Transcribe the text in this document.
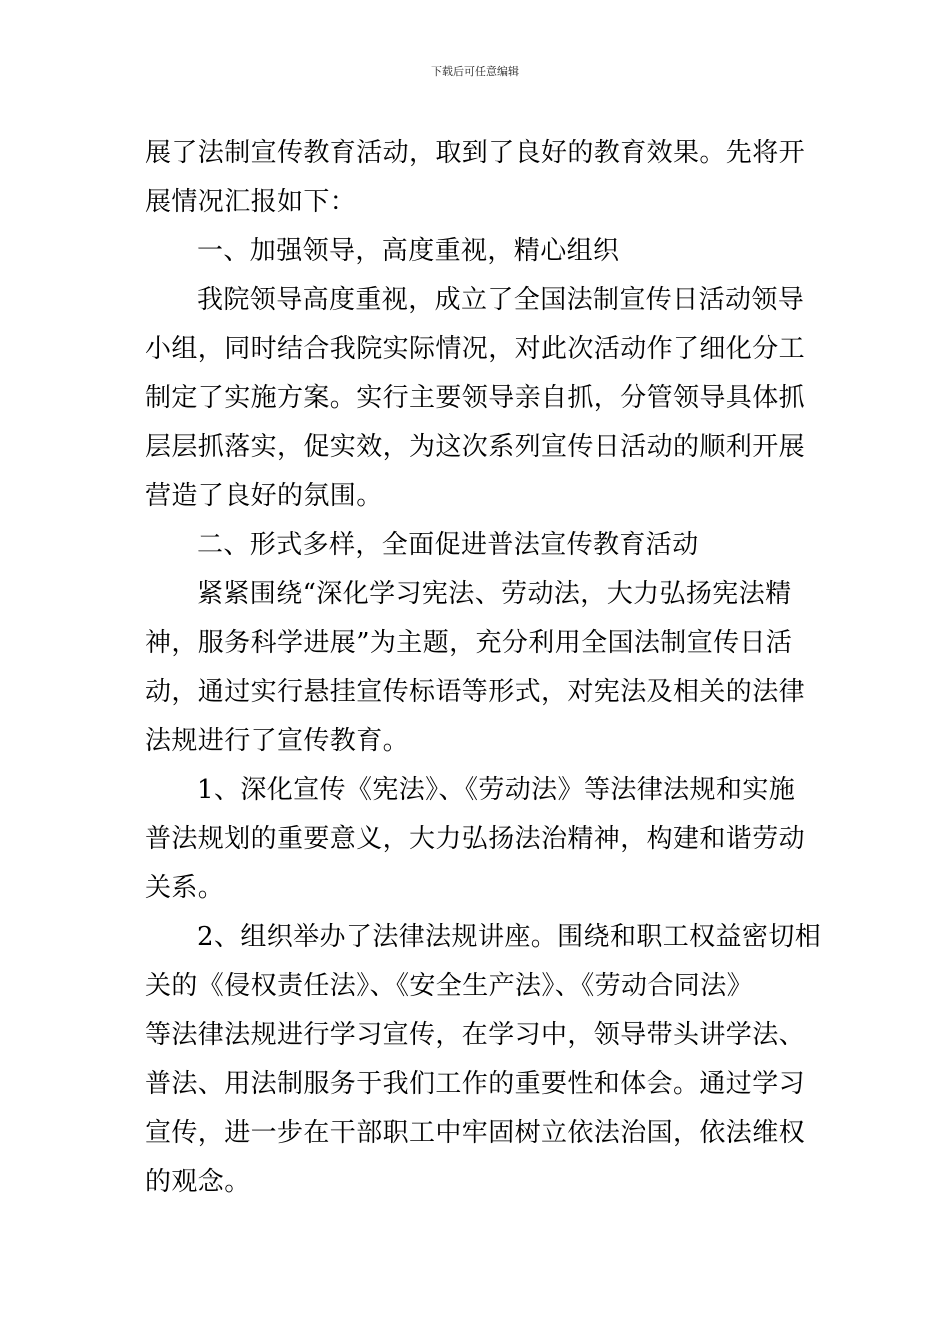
下载后可任意编辑
展了法制宣传教育活动，取到了良好的教育效果。先将开
展情况汇报如下：
一、加强领导，高度重视，精心组织
我院领导高度重视，成立了全国法制宣传日活动领导
小组，同时结合我院实际情况，对此次活动作了细化分工
制定了实施方案。实行主要领导亲自抓，分管领导具体抓
层层抓落实，促实效，为这次系列宣传日活动的顺利开展
营造了良好的氛围。
二、形式多样，全面促进普法宣传教育活动
紧紧围绕“深化学习宪法、劳动法，大力弘扬宪法精
神，服务科学进展”为主题，充分利用全国法制宣传日活
动，通过实行悬挂宣传标语等形式，对宪法及相关的法律
法规进行了宣传教育。
1、深化宣传《宪法》、《劳动法》等法律法规和实施
普法规划的重要意义，大力弘扬法治精神，构建和谐劳动
关系。
2、组织举办了法律法规讲座。围绕和职工权益密切相
关的《侵权责任法》、《安全生产法》、《劳动合同法》
等法律法规进行学习宣传，在学习中，领导带头讲学法、
普法、用法制服务于我们工作的重要性和体会。通过学习
宣传，进一步在干部职工中牢固树立依法治国，依法维权
的观念。
